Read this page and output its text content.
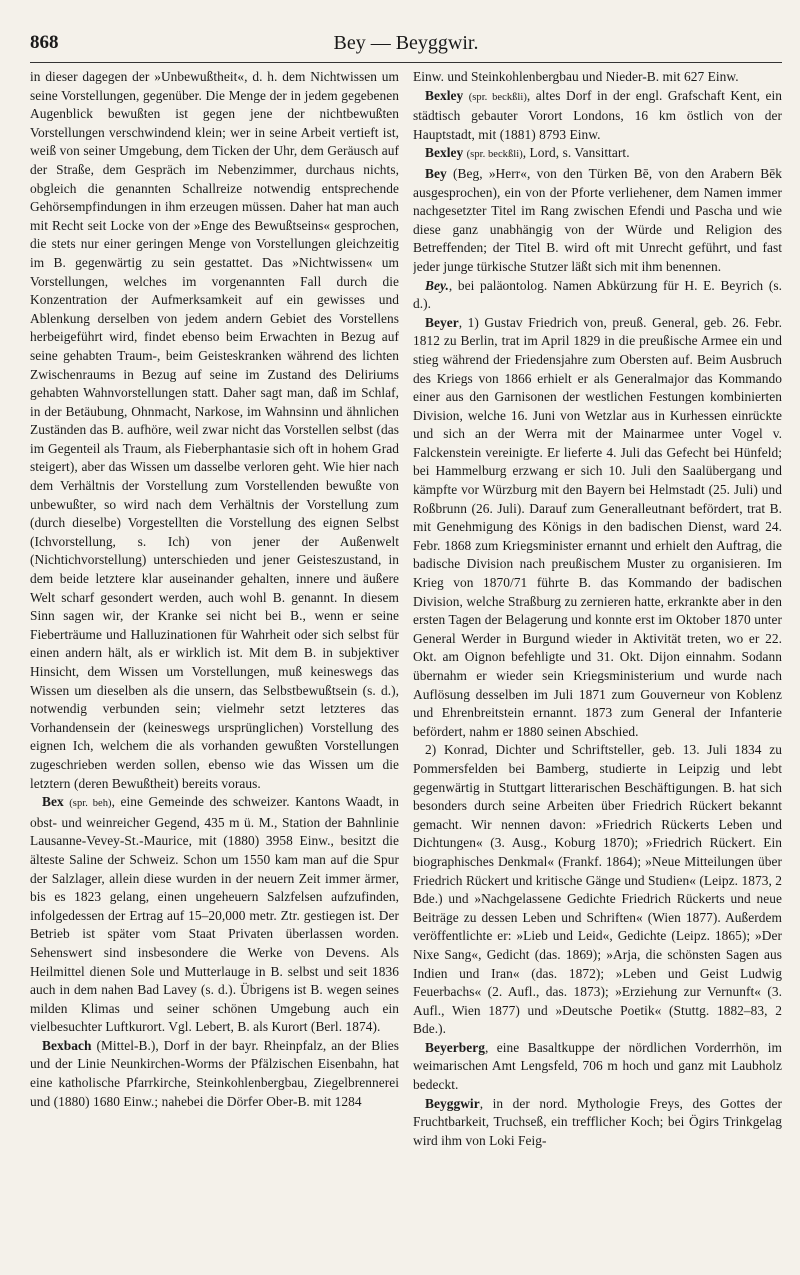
868	Bey — Beyggwir.

in dieser dagegen der »Unbewußtheit«, d. h. dem Nichtwissen um seine Vorstellungen, gegenüber. Die Menge der in jedem gegebenen Augenblick bewußten ist gegen jene der nichtbewußten Vorstellungen verschwindend klein; wer in seine Arbeit vertieft ist, weiß von seiner Umgebung, dem Ticken der Uhr, dem Geräusch auf der Straße, dem Gespräch im Nebenzimmer, durchaus nichts, obgleich die genannten Schallreize notwendig entsprechende Gehörsempfindungen in ihm erzeugen müssen. Daher hat man auch mit Recht seit Locke von der »Enge des Bewußtseins« gesprochen, die stets nur einer geringen Menge von Vorstellungen gleichzeitig im B. gegenwärtig zu sein gestattet. Das »Nichtwissen« um Vorstellungen, welches im vorgenannten Fall durch die Konzentration der Aufmerksamkeit auf ein gewisses und Ablenkung derselben von jedem andern Gebiet des Vorstellens herbeigeführt wird, findet ebenso beim Erwachten in Bezug auf seine gehabten Traum-, beim Geisteskranken während des lichten Zwischenraums in Bezug auf seine im Zustand des Deliriums gehabten Wahnvorstellungen statt. Daher sagt man, daß im Schlaf, in der Betäubung, Ohnmacht, Narkose, im Wahnsinn und ähnlichen Zuständen das B. aufhöre, weil zwar nicht das Vorstellen selbst (das im Gegenteil als Traum, als Fieberphantasie sich oft in hohem Grad steigert), aber das Wissen um dasselbe verloren geht. Wie hier nach dem Verhältnis der Vorstellung zum Vorstellenden bewußte von unbewußter, so wird nach dem Verhältnis der Vorstellung zum (durch dieselbe) Vorgestellten die Vorstellung des eignen Selbst (Ichvorstellung, s. Ich) von jener der Außenwelt (Nichtichvorstellung) unterschieden und jener Geisteszustand, in dem beide letztere klar auseinander gehalten, innere und äußere Welt scharf gesondert werden, auch wohl B. genannt. In diesem Sinn sagen wir, der Kranke sei nicht bei B., wenn er seine Fieberträume und Halluzinationen für Wahrheit oder sich selbst für einen andern hält, als er wirklich ist. Mit dem B. in subjektiver Hinsicht, dem Wissen um Vorstellungen, muß keineswegs das Wissen um dieselben als die unsern, das Selbstbewußtsein (s. d.), notwendig verbunden sein; vielmehr setzt letzteres das Vorhandensein der (keineswegs ursprünglichen) Vorstellung des eignen Ich, welchem die als vorhanden gewußten Vorstellungen zugeschrieben werden sollen, ebenso wie das Wissen um die letztern (deren Bewußtheit) bereits voraus.

Bex (spr. beh), eine Gemeinde des schweizer. Kantons Waadt, in obst- und weinreicher Gegend, 435 m ü. M., Station der Bahnlinie Lausanne-Vevey-St.-Maurice, mit (1880) 3958 Einw., besitzt die älteste Saline der Schweiz. Schon um 1550 kam man auf die Spur der Salzlager, allein diese wurden in der neuern Zeit immer ärmer, bis es 1823 gelang, einen ungeheuern Salzfelsen aufzufinden, infolgedessen der Ertrag auf 15–20,000 metr. Ztr. gestiegen ist. Der Betrieb ist später vom Staat Privaten überlassen worden. Sehenswert sind insbesondere die Werke von Devens. Als Heilmittel dienen Sole und Mutterlauge in B. selbst und seit 1836 auch in dem nahen Bad Lavey (s. d.). Übrigens ist B. wegen seines milden Klimas und seiner schönen Umgebung auch ein vielbesuchter Luftkurort. Vgl. Lebert, B. als Kurort (Berl. 1874).

Bexbach (Mittel-B.), Dorf in der bayr. Rheinpfalz, an der Blies und der Linie Neunkirchen-Worms der Pfälzischen Eisenbahn, hat eine katholische Pfarrkirche, Steinkohlenbergbau, Ziegelbrennerei und (1880) 1680 Einw.; nahebei die Dörfer Ober-B. mit 1284

Einw. und Steinkohlenbergbau und Nieder-B. mit 627 Einw.

Bexley (spr. beckßli), altes Dorf in der engl. Grafschaft Kent, ein städtisch gebauter Vorort Londons, 16 km östlich von der Hauptstadt, mit (1881) 8793 Einw.

Bexley (spr. beckßli), Lord, s. Vansittart.

Bey (Beg, »Herr«, von den Türken Bē, von den Arabern Bēk ausgesprochen), ein von der Pforte verliehener, dem Namen immer nachgesetzter Titel im Rang zwischen Efendi und Pascha und wie diese ganz unabhängig von der Würde und Religion des Betreffenden; der Titel B. wird oft mit Unrecht geführt, und fast jeder junge türkische Stutzer läßt sich mit ihm benennen.

Bey., bei paläontolog. Namen Abkürzung für H. E. Beyrich (s. d.).

Beyer, 1) Gustav Friedrich von, preuß. General, geb. 26. Febr. 1812 zu Berlin, trat im April 1829 in die preußische Armee ein und stieg während der Friedensjahre zum Obersten auf. Beim Ausbruch des Kriegs von 1866 erhielt er als Generalmajor das Kommando einer aus den Garnisonen der westlichen Festungen kombinierten Division, welche 16. Juni von Wetzlar aus in Kurhessen einrückte und sich an der Werra mit der Mainarmee unter Vogel v. Falckenstein vereinigte. Er lieferte 4. Juli das Gefecht bei Hünfeld; bei Hammelburg erzwang er sich 10. Juli den Saalübergang und kämpfte vor Würzburg mit den Bayern bei Helmstadt (25. Juli) und Roßbrunn (26. Juli). Darauf zum Generalleutnant befördert, trat B. mit Genehmigung des Königs in den badischen Dienst, ward 24. Febr. 1868 zum Kriegsminister ernannt und erhielt den Auftrag, die badische Division nach preußischem Muster zu organisieren. Im Krieg von 1870/71 führte B. das Kommando der badischen Division, welche Straßburg zu zernieren hatte, erkrankte aber in den ersten Tagen der Belagerung und konnte erst im Oktober 1870 unter General Werder in Burgund wieder in Aktivität treten, wo er 22. Okt. am Oignon befehligte und 31. Okt. Dijon einnahm. Sodann übernahm er wieder sein Kriegsministerium und wurde nach Auflösung desselben im Juli 1871 zum Gouverneur von Koblenz und Ehrenbreitstein ernannt. 1873 zum General der Infanterie befördert, nahm er 1880 seinen Abschied.

2) Konrad, Dichter und Schriftsteller, geb. 13. Juli 1834 zu Pommersfelden bei Bamberg, studierte in Leipzig und lebt gegenwärtig in Stuttgart litterarischen Beschäftigungen. B. hat sich besonders durch seine Arbeiten über Friedrich Rückert bekannt gemacht. Wir nennen davon: »Friedrich Rückerts Leben und Dichtungen« (3. Ausg., Koburg 1870); »Friedrich Rückert. Ein biographisches Denkmal« (Frankf. 1864); »Neue Mitteilungen über Friedrich Rückert und kritische Gänge und Studien« (Leipz. 1873, 2 Bde.) und »Nachgelassene Gedichte Friedrich Rückerts und neue Beiträge zu dessen Leben und Schriften« (Wien 1877). Außerdem veröffentlichte er: »Lieb und Leid«, Gedichte (Leipz. 1865); »Der Nixe Sang«, Gedicht (das. 1869); »Arja, die schönsten Sagen aus Indien und Iran« (das. 1872); »Leben und Geist Ludwig Feuerbachs« (2. Aufl., das. 1873); »Erziehung zur Vernunft« (3. Aufl., Wien 1877) und »Deutsche Poetik« (Stuttg. 1882–83, 2 Bde.).

Beyerberg, eine Basaltkuppe der nördlichen Vorderrhön, im weimarischen Amt Lengsfeld, 706 m hoch und ganz mit Laubholz bedeckt.

Beyggwir, in der nord. Mythologie Freys, des Gottes der Fruchtbarkeit, Truchseß, ein trefflicher Koch; bei Ögirs Trinkgelag wird ihm von Loki Feig-
